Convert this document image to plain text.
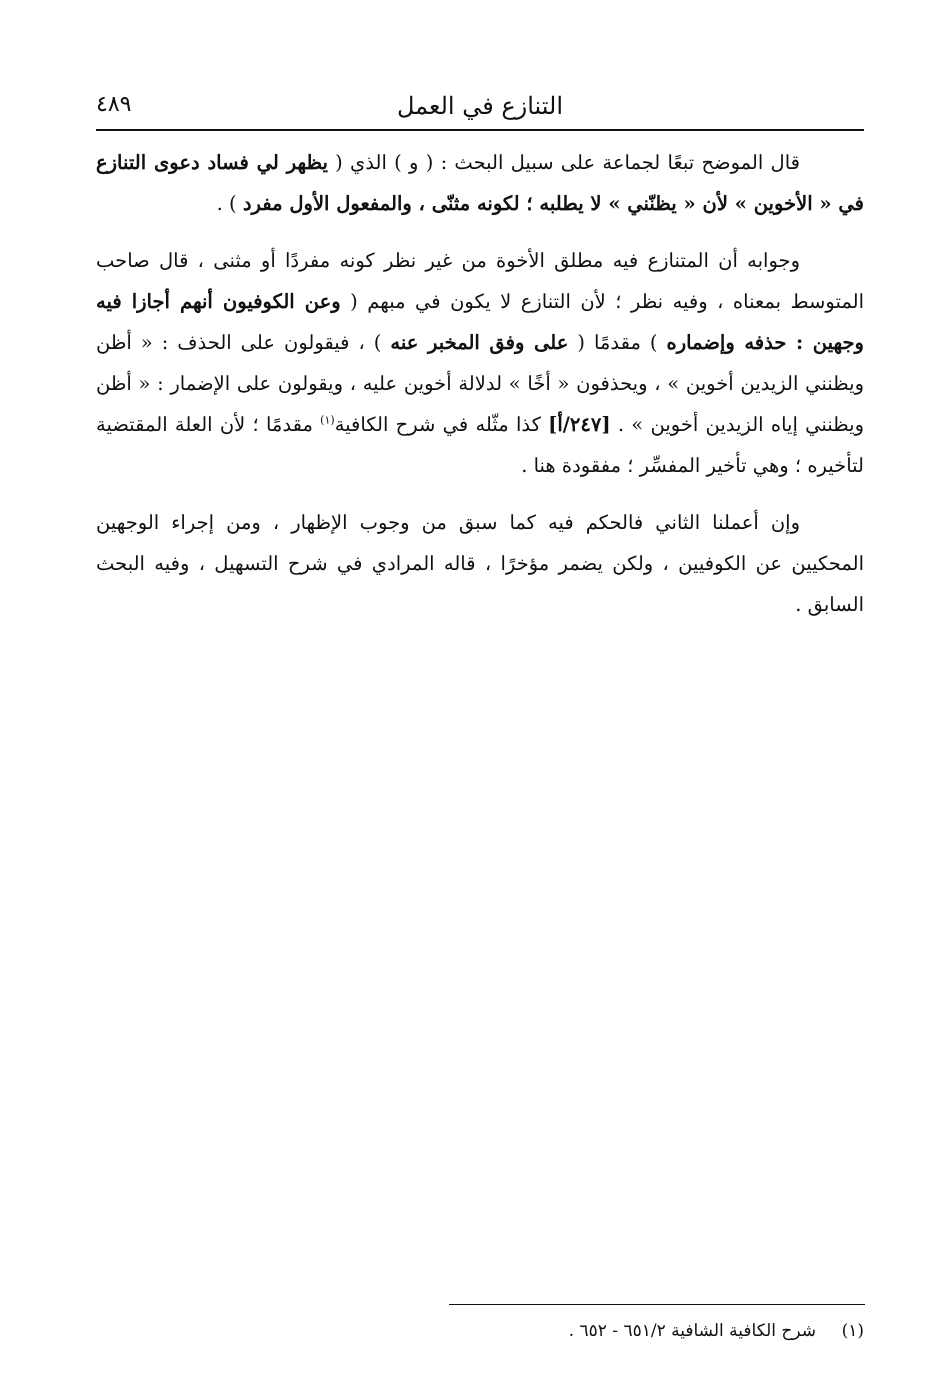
التنازع في العمل
٤٨٩

قال الموضح تبعًا لجماعة على سبيل البحث : ( و ) الذي ( يظهر لي فساد دعوى التنازع في « الأخوين » لأن « يظنّني » لا يطلبه ؛ لكونه مثنّى ، والمفعول الأول مفرد ) .

وجوابه أن المتنازع فيه مطلق الأخوة من غير نظر كونه مفردًا أو مثنى ، قال صاحب المتوسط بمعناه ، وفيه نظر ؛ لأن التنازع لا يكون في مبهم ( وعن الكوفيون أنهم أجازا فيه وجهين : حذفه وإضماره ) مقدمًا ( على وفق المخبر عنه ) ، فيقولون على الحذف : « أظن ويظنني الزيدين أخوين » ، ويحذفون « أخًا » لدلالة أخوين عليه ، ويقولون على الإضمار : « أظن ويظنني إياه الزيدين أخوين » . [٢٤٧/أ] كذا مثّله في شرح الكافية$^{(١)}$ مقدمًا ؛ لأن العلة المقتضية لتأخيره ؛ وهي تأخير المفسِّر ؛ مفقودة هنا .

وإن أعملنا الثاني فالحكم فيه كما سبق من وجوب الإظهار ، ومن إجراء الوجهين المحكيين عن الكوفيين ، ولكن يضمر مؤخرًا ، قاله المرادي في شرح التسهيل ، وفيه البحث السابق .

(١)شرح الكافية الشافية ٦٥١/٢ - ٦٥٢ .
